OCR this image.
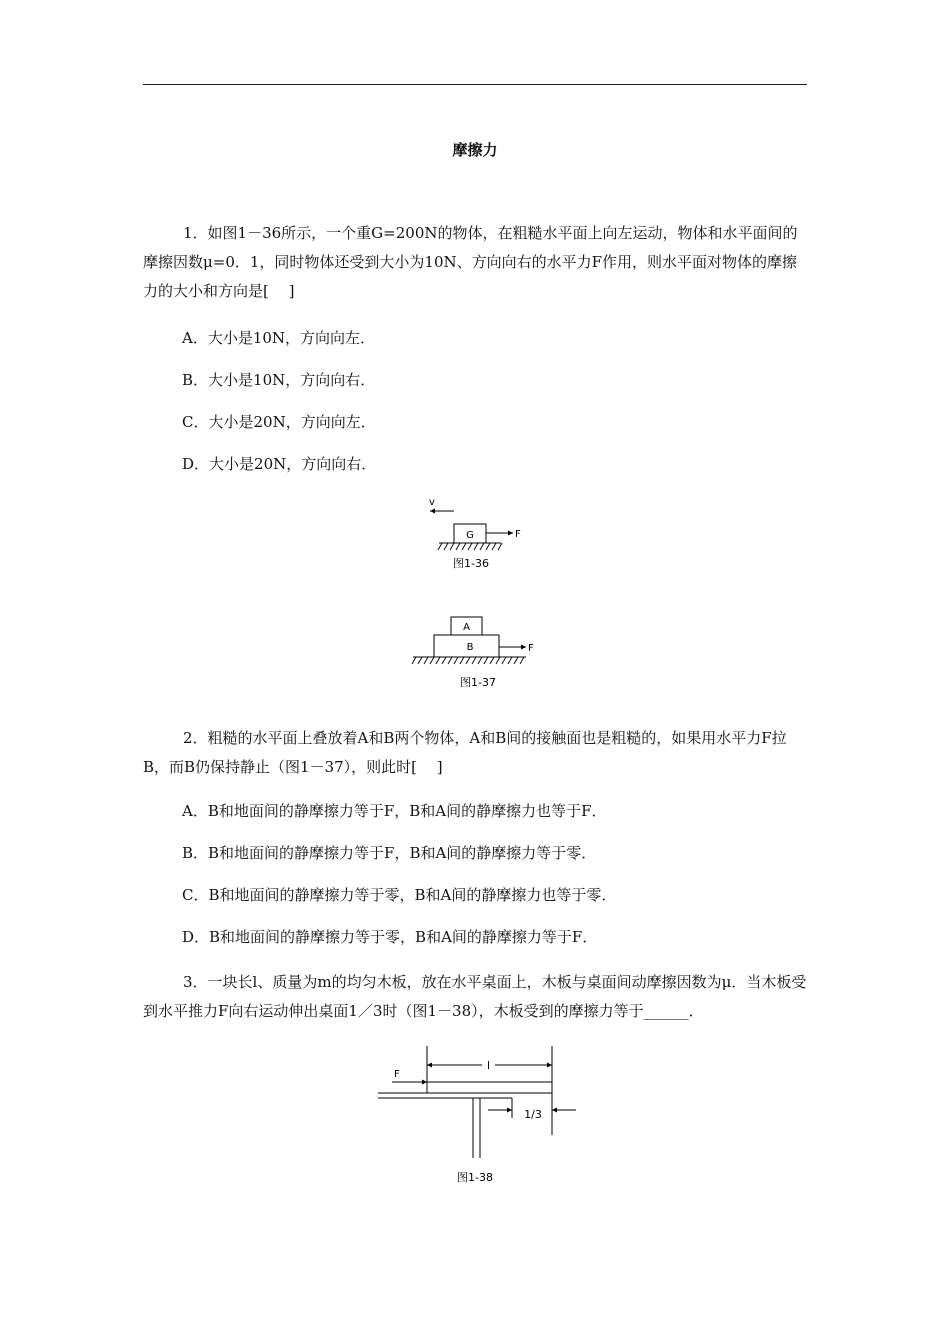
摩擦力

1．如图1－36所示，一个重G=200N的物体，在粗糙水平面上向左运动，物体和水平面间的摩擦因数μ=0．1，同时物体还受到大小为10N、方向向右的水平力F作用，则水平面对物体的摩擦力的大小和方向是[　 ]

A．大小是10N，方向向左．

B．大小是10N，方向向右．

C．大小是20N，方向向左．

D．大小是20N，方向向右．

v
G	F
图1-36
A
B	F
图1-37

2．粗糙的水平面上叠放着A和B两个物体，A和B间的接触面也是粗糙的，如果用水平力F拉B，而B仍保持静止（图1－37），则此时[　 ]

A．B和地面间的静摩擦力等于F，B和A间的静摩擦力也等于F．

B．B和地面间的静摩擦力等于F，B和A间的静摩擦力等于零．

C．B和地面间的静摩擦力等于零，B和A间的静摩擦力也等于零．

D．B和地面间的静摩擦力等于零，B和A间的静摩擦力等于F．

3．一块长l、质量为m的均匀木板，放在水平桌面上，木板与桌面间动摩擦因数为μ．当木板受到水平推力F向右运动伸出桌面1／3时（图1－38），木板受到的摩擦力等于______．

l
F
1/3
图1-38
